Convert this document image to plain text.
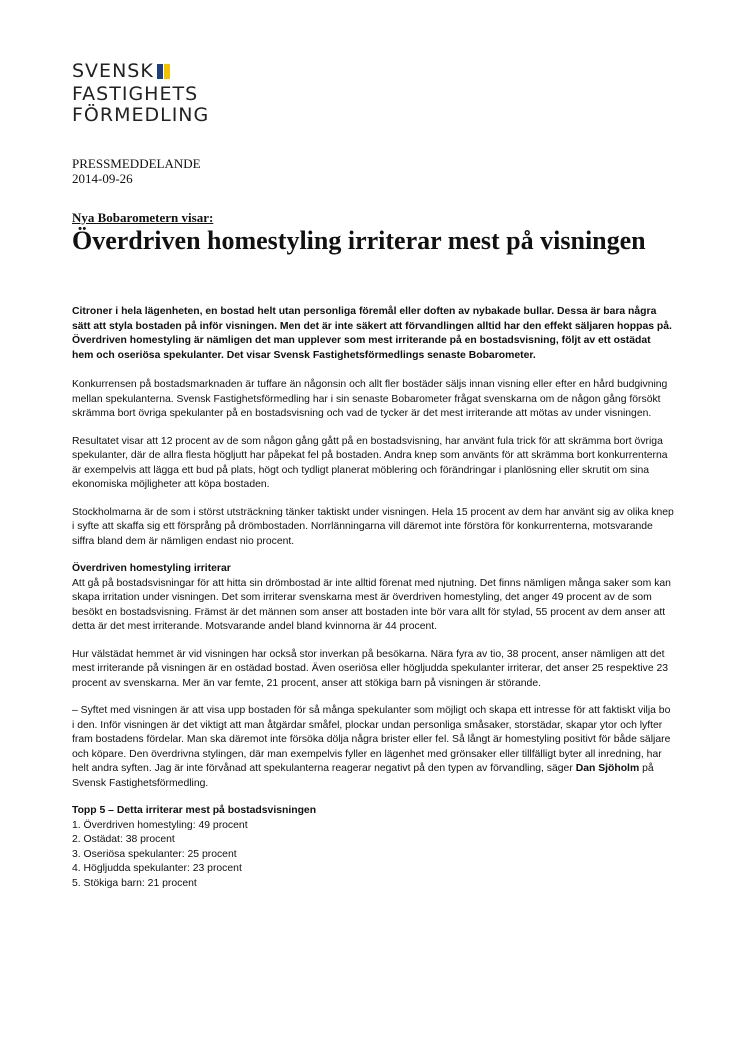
SVENSK
FASTIGHETS
FÖRMEDLING
PRESSMEDDELANDE
2014-09-26
Nya Bobarometern visar:
Överdriven homestyling irriterar mest på visningen

Citroner i hela lägenheten, en bostad helt utan personliga föremål eller doften av nybakade bullar. Dessa är bara några sätt att styla bostaden på inför visningen. Men det är inte säkert att förvandlingen alltid har den effekt säljaren hoppas på. Överdriven homestyling är nämligen det man upplever som mest irriterande på en bostadsvisning, följt av ett ostädat hem och oseriösa spekulanter. Det visar Svensk Fastighetsförmedlings senaste Bobarometer.

Konkurrensen på bostadsmarknaden är tuffare än någonsin och allt fler bostäder säljs innan visning eller efter en hård budgivning mellan spekulanterna. Svensk Fastighetsförmedling har i sin senaste Bobarometer frågat svenskarna om de någon gång försökt skrämma bort övriga spekulanter på en bostadsvisning och vad de tycker är det mest irriterande att mötas av under visningen.

Resultatet visar att 12 procent av de som någon gång gått på en bostadsvisning, har använt fula trick för att skrämma bort övriga spekulanter, där de allra flesta högljutt har påpekat fel på bostaden. Andra knep som använts för att skrämma bort konkurrenterna är exempelvis att lägga ett bud på plats, högt och tydligt planerat möblering och förändringar i planlösning eller skrutit om sina ekonomiska möjligheter att köpa bostaden.

Stockholmarna är de som i störst utsträckning tänker taktiskt under visningen. Hela 15 procent av dem har använt sig av olika knep i syfte att skaffa sig ett försprång på drömbostaden. Norrlänningarna vill däremot inte förstöra för konkurrenterna, motsvarande siffra bland dem är nämligen endast nio procent.

Överdriven homestyling irriterar
Att gå på bostadsvisningar för att hitta sin drömbostad är inte alltid förenat med njutning. Det finns nämligen många saker som kan skapa irritation under visningen. Det som irriterar svenskarna mest är överdriven homestyling, det anger 49 procent av de som besökt en bostadsvisning. Främst är det männen som anser att bostaden inte bör vara allt för stylad, 55 procent av dem anser att detta är det mest irriterande. Motsvarande andel bland kvinnorna är 44 procent.

Hur välstädat hemmet är vid visningen har också stor inverkan på besökarna. Nära fyra av tio, 38 procent, anser nämligen att det mest irriterande på visningen är en ostädad bostad. Även oseriösa eller högljudda spekulanter irriterar, det anser 25 respektive 23 procent av svenskarna. Mer än var femte, 21 procent, anser att stökiga barn på visningen är störande.

– Syftet med visningen är att visa upp bostaden för så många spekulanter som möjligt och skapa ett intresse för att faktiskt vilja bo i den. Inför visningen är det viktigt att man åtgärdar småfel, plockar undan personliga småsaker, storstädar, skapar ytor och lyfter fram bostadens fördelar. Man ska däremot inte försöka dölja några brister eller fel. Så långt är homestyling positivt för både säljare och köpare. Den överdrivna stylingen, där man exempelvis fyller en lägenhet med grönsaker eller tillfälligt byter all inredning, har helt andra syften. Jag är inte förvånad att spekulanterna reagerar negativt på den typen av förvandling, säger Dan Sjöholm på Svensk Fastighetsförmedling.

Topp 5 – Detta irriterar mest på bostadsvisningen
1. Överdriven homestyling: 49 procent
2. Ostädat: 38 procent
3. Oseriösa spekulanter: 25 procent
4. Högljudda spekulanter: 23 procent
5. Stökiga barn: 21 procent
